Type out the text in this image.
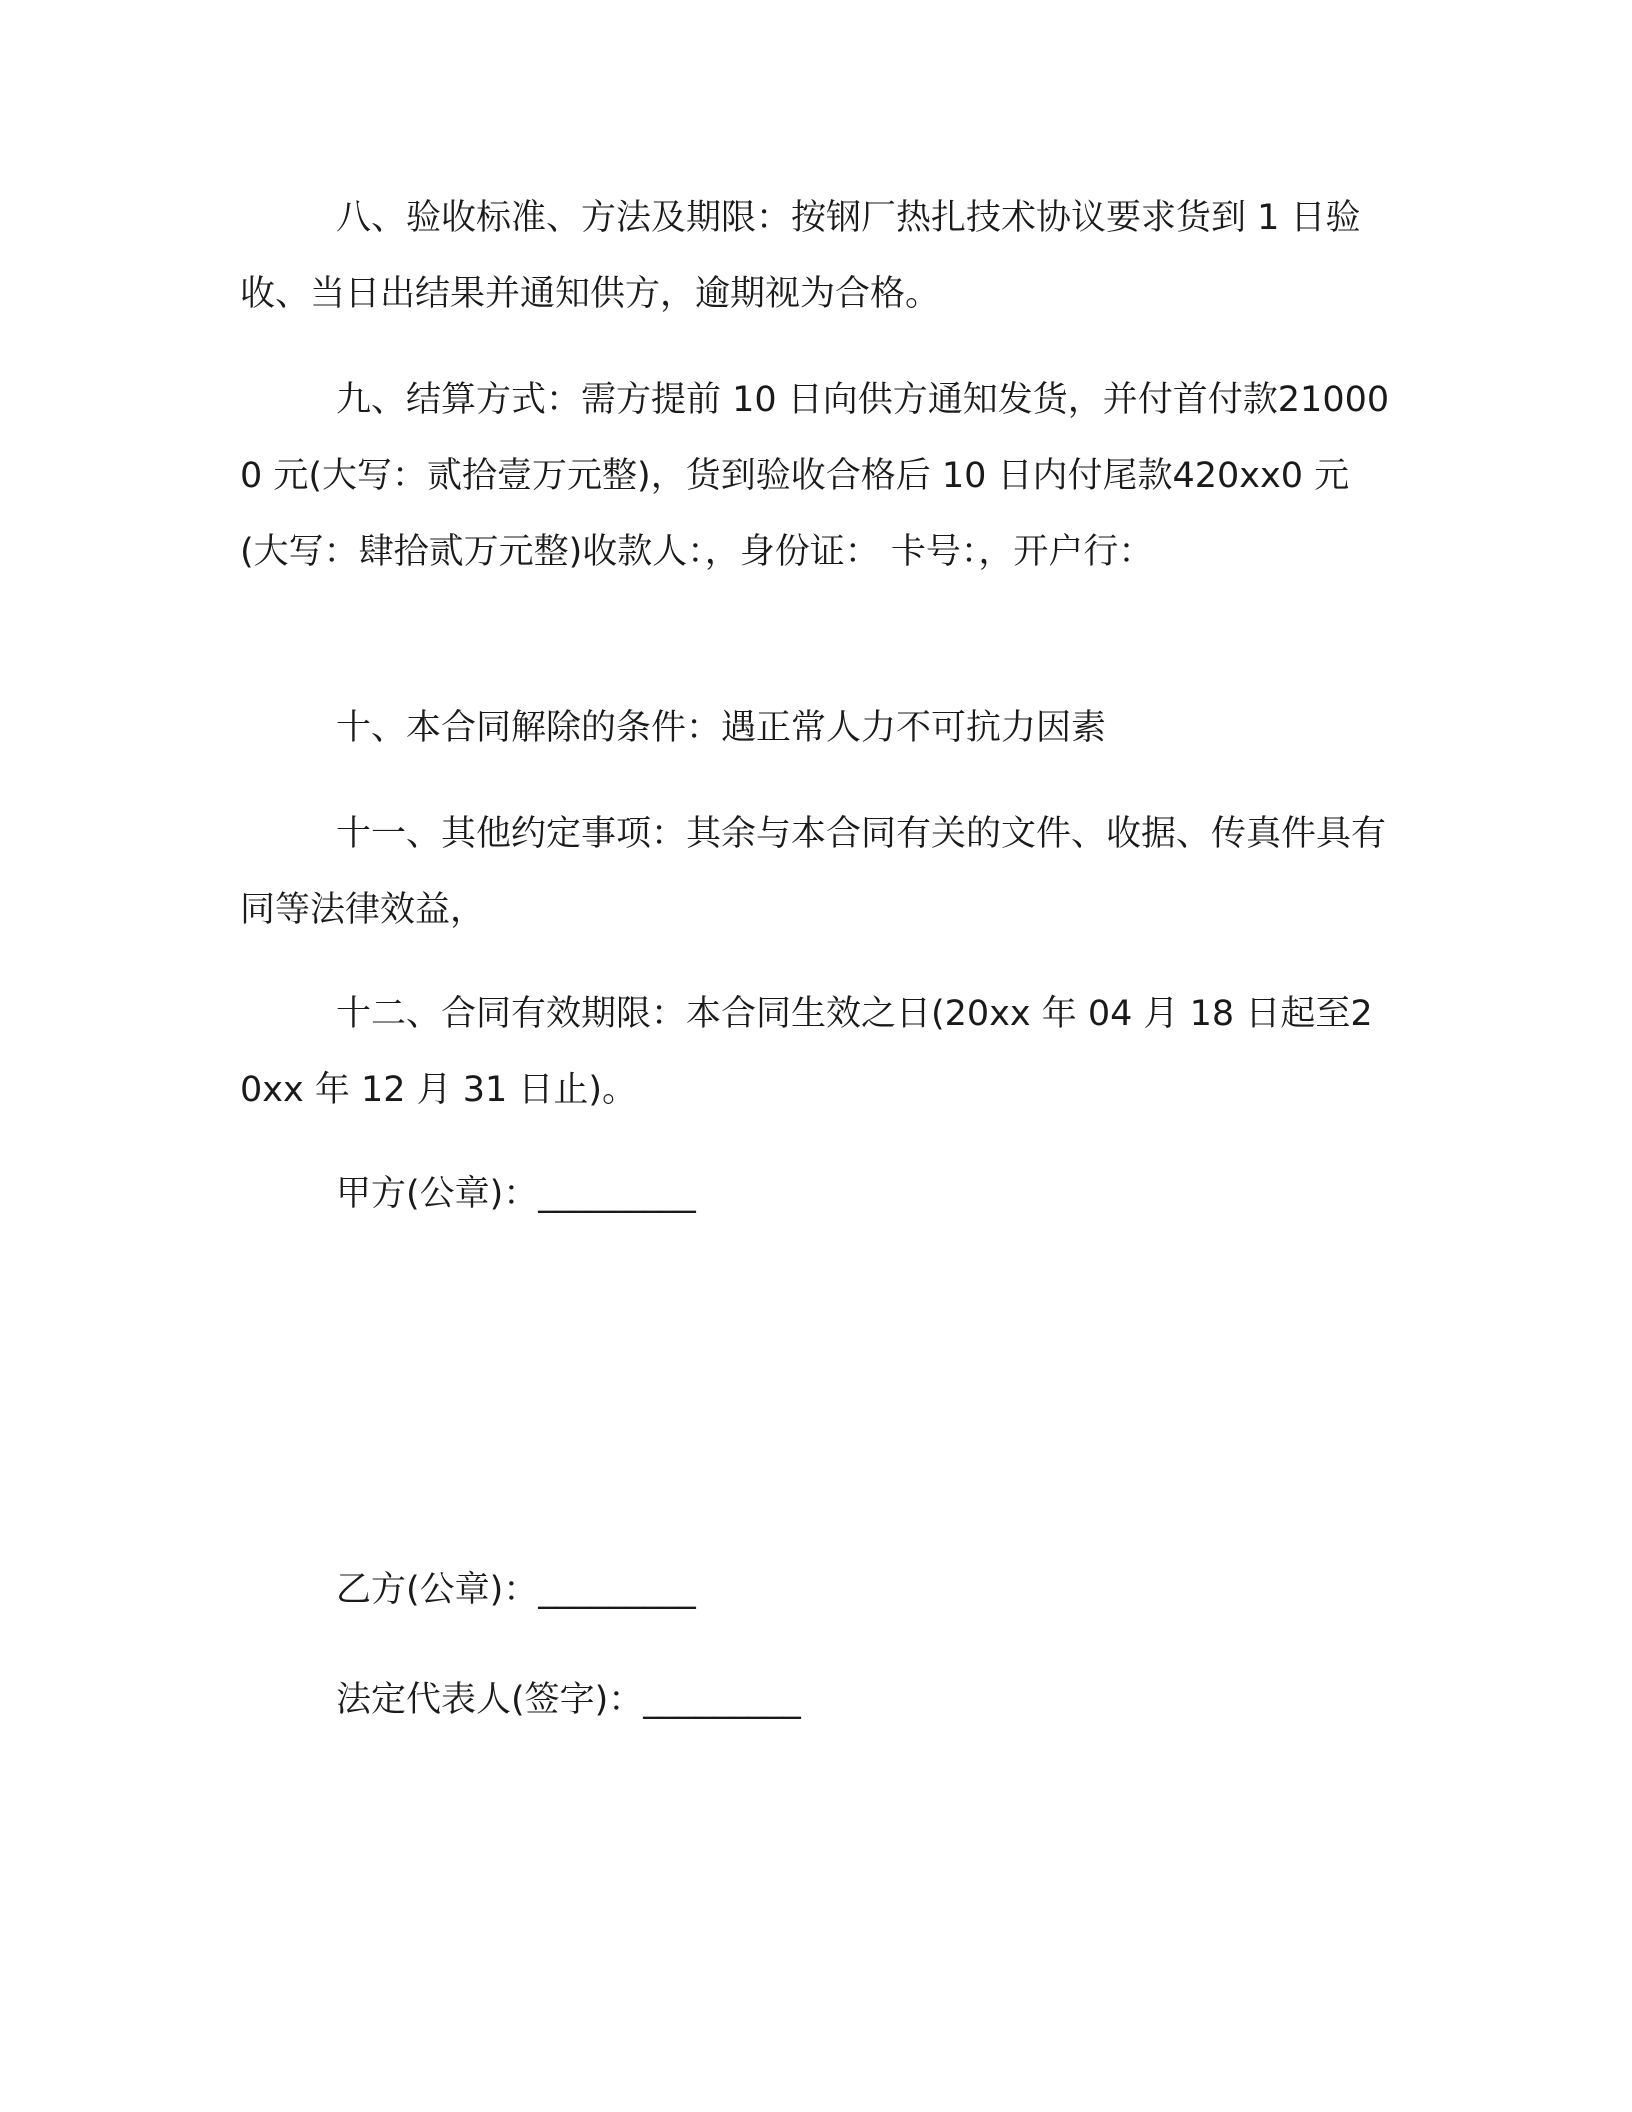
八、验收标准、方法及期限：按钢厂热扎技术协议要求货到 1 日验收、当日出结果并通知供方，逾期视为合格。

九、结算方式：需方提前 10 日向供方通知发货，并付首付款210000 元(大写：贰拾壹万元整)，货到验收合格后 10 日内付尾款420xx0 元(大写：肆拾贰万元整)收款人：，身份证： 卡号：，开户行：

十、本合同解除的条件：遇正常人力不可抗力因素

十一、其他约定事项：其余与本合同有关的文件、收据、传真件具有同等法律效益，

十二、合同有效期限：本合同生效之日(20xx 年 04 月 18 日起至20xx 年 12 月 31 日止)。

甲方(公章)：_________

乙方(公章)：_________

法定代表人(签字)：_________
